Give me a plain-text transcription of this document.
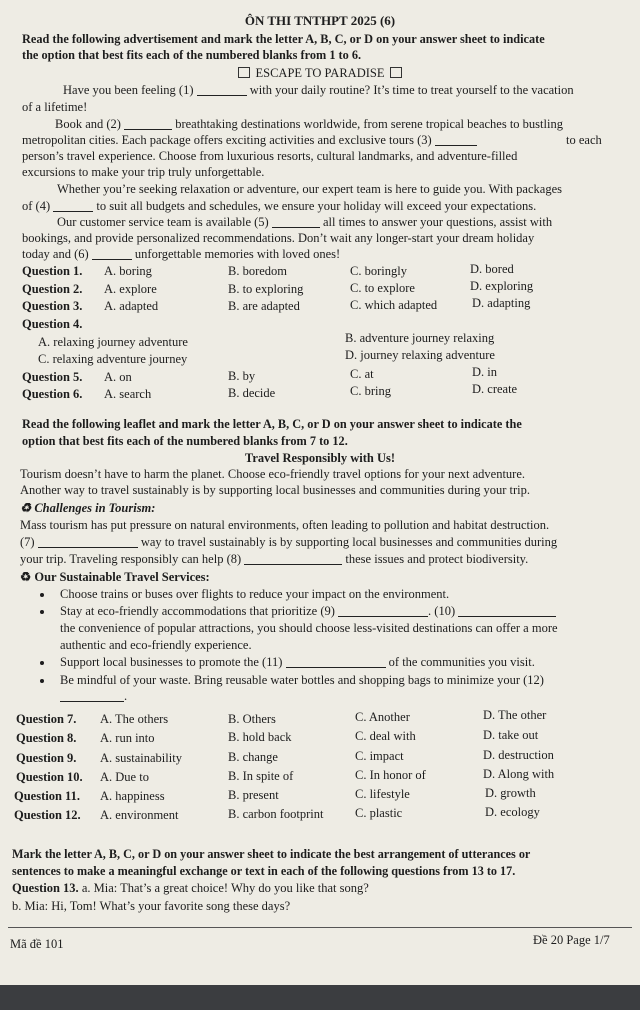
ÔN THI TNTHPT 2025 (6)
Read the following advertisement and mark the letter A, B, C, or D on your answer sheet to indicate
the option that best fits each of the numbered blanks from 1 to 6.
ESCAPE TO PARADISE
Have you been feeling (1)	with your daily routine? It’s time to treat yourself to the vacation
of a lifetime!
Book and (2)	breathtaking destinations worldwide, from serene tropical beaches to bustling
metropolitan cities. Each package offers exciting activities and exclusive tours (3)	to each
person’s travel experience. Choose from luxurious resorts, cultural landmarks, and adventure-filled
excursions to make your trip truly unforgettable.
Whether you’re seeking relaxation or adventure, our expert team is here to guide you. With packages
of (4)	to suit all budgets and schedules, we ensure your holiday will exceed your expectations.
Our customer service team is available (5)	all times to answer your questions, assist with
bookings, and provide personalized recommendations. Don’t wait any longer-start your dream holiday
today and (6)	unforgettable memories with loved ones!
Question 1. A. boring	B. boredom	C. boringly	D. bored
Question 2. A. explore	B. to exploring	C. to explore	D. exploring
Question 3. A. adapted	B. are adapted	C. which adapted	D. adapting
Question 4.
A. relaxing journey adventure	B. adventure journey relaxing
C. relaxing adventure journey	D. journey relaxing adventure
Question 5. A. on	B. by	C. at	D. in
Question 6. A. search	B. decide	C. bring	D. create
Read the following leaflet and mark the letter A, B, C, or D on your answer sheet to indicate the
option that best fits each of the numbered blanks from 7 to 12.
Travel Responsibly with Us!
Tourism doesn’t have to harm the planet. Choose eco-friendly travel options for your next adventure.
Another way to travel sustainably is by supporting local businesses and communities during your trip.
♻ Challenges in Tourism:
Mass tourism has put pressure on natural environments, often leading to pollution and habitat destruction.
(7)	way to travel sustainably is by supporting local businesses and communities during
your trip. Traveling responsibly can help (8)	these issues and protect biodiversity.
♻ Our Sustainable Travel Services:
Choose trains or buses over flights to reduce your impact on the environment.
Stay at eco-friendly accommodations that prioritize (9)	. (10)
the convenience of popular attractions, you should choose less-visited destinations can offer a more
authentic and eco-friendly experience.
Support local businesses to promote the (11)	of the communities you visit.
Be mindful of your waste. Bring reusable water bottles and shopping bags to minimize your (12)
.
Question 7. A. The others	B. Others	C. Another	D. The other
Question 8. A. run into	B. hold back	C. deal with	D. take out
Question 9. A. sustainability	B. change	C. impact	D. destruction
Question 10. A. Due to	B. In spite of	C. In honor of	D. Along with
Question 11. A. happiness	B. present	C. lifestyle	D. growth
Question 12. A. environment	B. carbon footprint	C. plastic	D. ecology
Mark the letter A, B, C, or D on your answer sheet to indicate the best arrangement of utterances or
sentences to make a meaningful exchange or text in each of the following questions from 13 to 17.
Question 13. a. Mia: That’s a great choice! Why do you like that song?
b. Mia: Hi, Tom! What’s your favorite song these days?
Mã đề 101	Đề 20 Page 1/7
